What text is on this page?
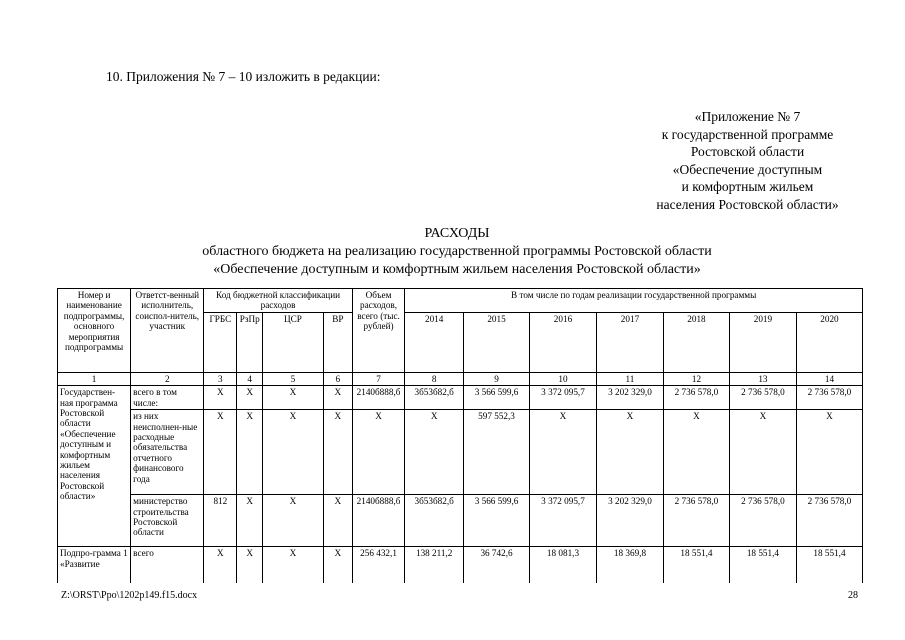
10. Приложения № 7 – 10 изложить в редакции:
«Приложение № 7
к государственной программе
Ростовской области
«Обеспечение доступным
и комфортным жильем
населения Ростовской области»
РАСХОДЫ
областного бюджета на реализацию государственной программы Ростовской области
«Обеспечение доступным и комфортным жильем населения Ростовской области»
Номер и наименование подпрограммы, основного мероприятия подпрограммы	Ответст-венный исполнитель, соиспол-нитель, участник	Код бюджетной классификации расходов				Объем расходов, всего (тыс. рублей)	В том числе по годам реализации государственной программы						
		ГРБС	РзПр	ЦСР	ВР		2014	2015	2016	2017	2018	2019	2020
1	2	3	4	5	6	7	8	9	10	11	12	13	14
Государствен-ная программа Ростовской области «Обеспечение доступным и комфортным жильем населения Ростовской области»	всего в том числе:	Х	Х	Х	Х	2140б888,б	3б53б82,б	3 566 599,6	3 372 095,7	3 202 329,0	2 736 578,0	2 736 578,0	2 736 578,0
	из них неисполнен-ные расходные обязательства отчетного финансового года	Х	Х	Х	Х	Х	Х	597 552,3	Х	Х	Х	Х	Х
	министерство строительства Ростовской области	812	Х	Х	Х	2140б888,б	3б53б82,б	3 566 599,6	3 372 095,7	3 202 329,0	2 736 578,0	2 736 578,0	2 736 578,0
Подпро-грамма 1 «Развитие	всего	Х	Х	Х	Х	256 432,1	138 211,2	36 742,6	18 081,3	18 369,8	18 551,4	18 551,4	18 551,4
Z:\ORST\Ppo\1202p149.f15.docx	28
